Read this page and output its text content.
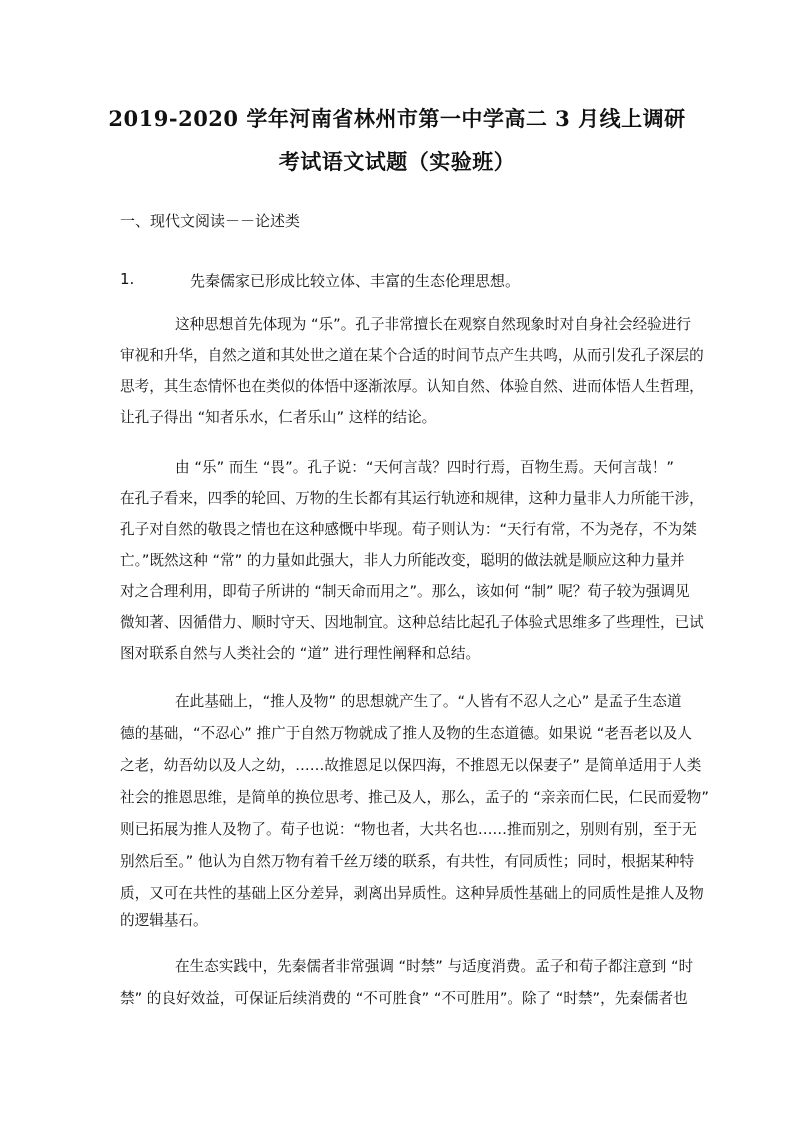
2019-2020 学年河南省林州市第一中学高二 3 月线上调研
考试语文试题（实验班）
一、现代文阅读－－论述类
1.	先秦儒家已形成比较立体、丰富的生态伦理思想。
这种思想首先体现为 “乐”。孔子非常擅长在观察自然现象时对自身社会经验进行
审视和升华，自然之道和其处世之道在某个合适的时间节点产生共鸣，从而引发孔子深层的
思考，其生态情怀也在类似的体悟中逐渐浓厚。认知自然、体验自然、进而体悟人生哲理，
让孔子得出 “知者乐水，仁者乐山” 这样的结论。
由 “乐” 而生 “畏”。孔子说：“天何言哉？四时行焉，百物生焉。天何言哉！”
在孔子看来，四季的轮回、万物的生长都有其运行轨迹和规律，这种力量非人力所能干涉，
孔子对自然的敬畏之情也在这种感慨中毕现。荀子则认为：“天行有常，不为尧存，不为桀
亡。”既然这种 “常” 的力量如此强大，非人力所能改变，聪明的做法就是顺应这种力量并
对之合理利用，即荀子所讲的 “制天命而用之”。那么，该如何 “制” 呢？荀子较为强调见
微知著、因循借力、顺时守天、因地制宜。这种总结比起孔子体验式思维多了些理性，已试
图对联系自然与人类社会的 “道” 进行理性阐释和总结。
在此基础上，“推人及物” 的思想就产生了。“人皆有不忍人之心” 是孟子生态道
德的基础，“不忍心” 推广于自然万物就成了推人及物的生态道德。如果说 “老吾老以及人
之老，幼吾幼以及人之幼，……故推恩足以保四海，不推恩无以保妻子” 是简单适用于人类
社会的推恩思维，是简单的换位思考、推己及人，那么，孟子的 “亲亲而仁民，仁民而爱物”
则已拓展为推人及物了。荀子也说：“物也者，大共名也……推而别之，别则有别，至于无
别然后至。” 他认为自然万物有着千丝万缕的联系，有共性，有同质性；同时，根据某种特
质，又可在共性的基础上区分差异，剥离出异质性。这种异质性基础上的同质性是推人及物
的逻辑基石。
在生态实践中，先秦儒者非常强调 “时禁” 与适度消费。孟子和荀子都注意到 “时
禁” 的良好效益，可保证后续消费的 “不可胜食” “不可胜用”。除了 “时禁”，先秦儒者也
